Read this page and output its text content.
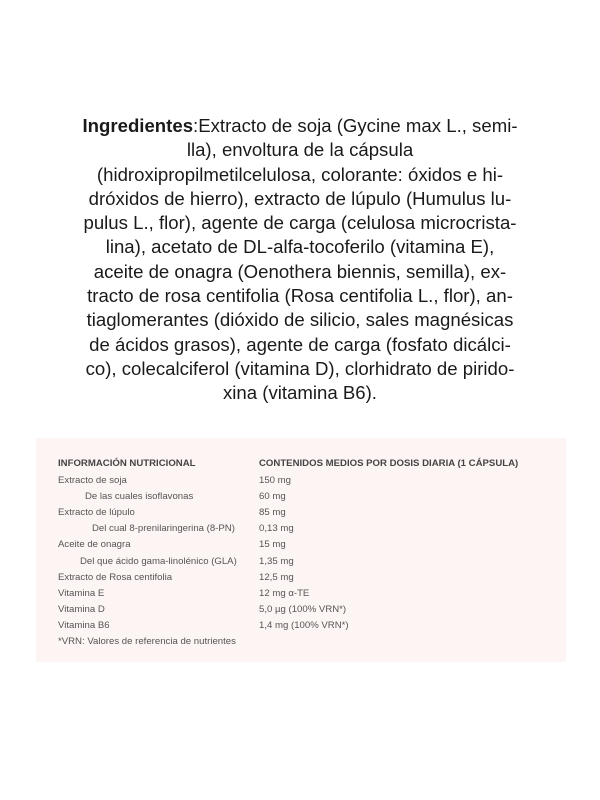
Ingredientes:Extracto de soja (Gycine max L., semi-
lla), envoltura de la cápsula
(hidroxipropilmetilcelulosa, colorante: óxidos e hi-
dróxidos de hierro), extracto de lúpulo (Humulus lu-
pulus L., flor), agente de carga (celulosa microcrista-
lina), acetato de DL-alfa-tocoferilo (vitamina E),
aceite de onagra (Oenothera biennis, semilla), ex-
tracto de rosa centifolia (Rosa centifolia L., flor), an-
tiaglomerantes (dióxido de silicio, sales magnésicas
de ácidos grasos), agente de carga (fosfato dicálci-
co), colecalciferol (vitamina D), clorhidrato de pirido-
xina (vitamina B6).
INFORMACIÓN NUTRICIONAL	CONTENIDOS MEDIOS POR DOSIS DIARIA (1 CÁPSULA)
Extracto de soja	150 mg
De las cuales isoflavonas	60 mg
Extracto de lúpulo	85 mg
Del cual 8-prenilaringerina (8-PN)	0,13 mg
Aceite de onagra	15 mg
Del que ácido gama-linolénico (GLA)	1,35 mg
Extracto de Rosa centifolia	12,5 mg
Vitamina E	12 mg α-TE
Vitamina D	5,0 µg (100% VRN*)
Vitamina B6	1,4 mg (100% VRN*)
*VRN: Valores de referencia de nutrientes
